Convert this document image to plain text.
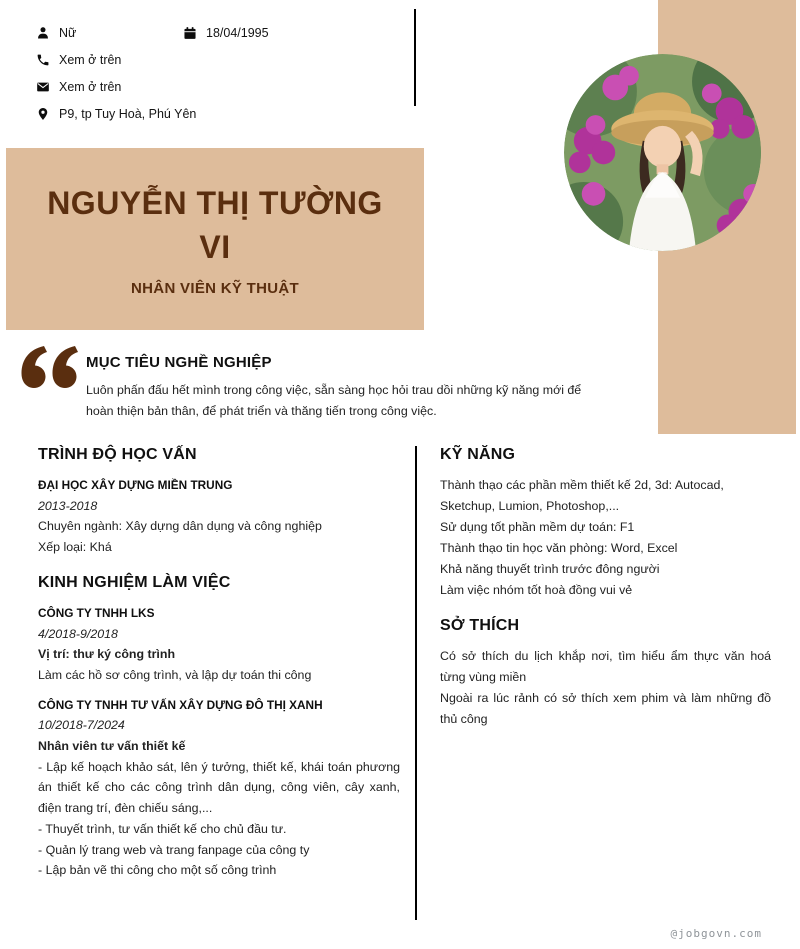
Nữ	18/04/1995
Xem ở trên
Xem ở trên
P9, tp Tuy Hoà, Phú Yên
NGUYỄN THỊ TƯỜNG VI
NHÂN VIÊN KỸ THUẬT
MỤC TIÊU NGHỀ NGHIỆP

Luôn phấn đấu hết mình trong công việc, sẵn sàng học hỏi trau dồi những kỹ năng mới để hoàn thiện bản thân, để phát triển và thăng tiến trong công việc.

TRÌNH ĐỘ HỌC VẤN
ĐẠI HỌC XÂY DỰNG MIỀN TRUNG
2013-2018
Chuyên ngành: Xây dựng dân dụng và công nghiệp
Xếp loại: Khá
KINH NGHIỆM LÀM VIỆC
CÔNG TY TNHH LKS
4/2018-9/2018
Vị trí: thư ký công trình
Làm các hồ sơ công trình, và lập dự toán thi công
CÔNG TY TNHH TƯ VẤN XÂY DỰNG ĐÔ THỊ XANH
10/2018-7/2024
Nhân viên tư vấn thiết kế
- Lập kế hoạch khảo sát, lên ý tưởng, thiết kế, khái toán phương án thiết kế cho các công trình dân dụng, công viên, cây xanh, điện trang trí, đèn chiếu sáng,...
- Thuyết trình, tư vấn thiết kế cho chủ đầu tư.
- Quản lý trang web và trang fanpage của công ty
- Lập bản vẽ thi công cho một số công trình
KỸ NĂNG
Thành thạo các phần mềm thiết kế 2d, 3d: Autocad, Sketchup, Lumion, Photoshop,...
Sử dụng tốt phần mềm dự toán: F1
Thành thạo tin học văn phòng: Word, Excel
Khả năng thuyết trình trước đông người
Làm việc nhóm tốt hoà đồng vui vẻ
SỞ THÍCH
Có sở thích du lịch khắp nơi, tìm hiểu ẩm thực văn hoá từng vùng miền
Ngoài ra lúc rảnh có sở thích xem phim và làm những đồ thủ công
@jobgovn.com
